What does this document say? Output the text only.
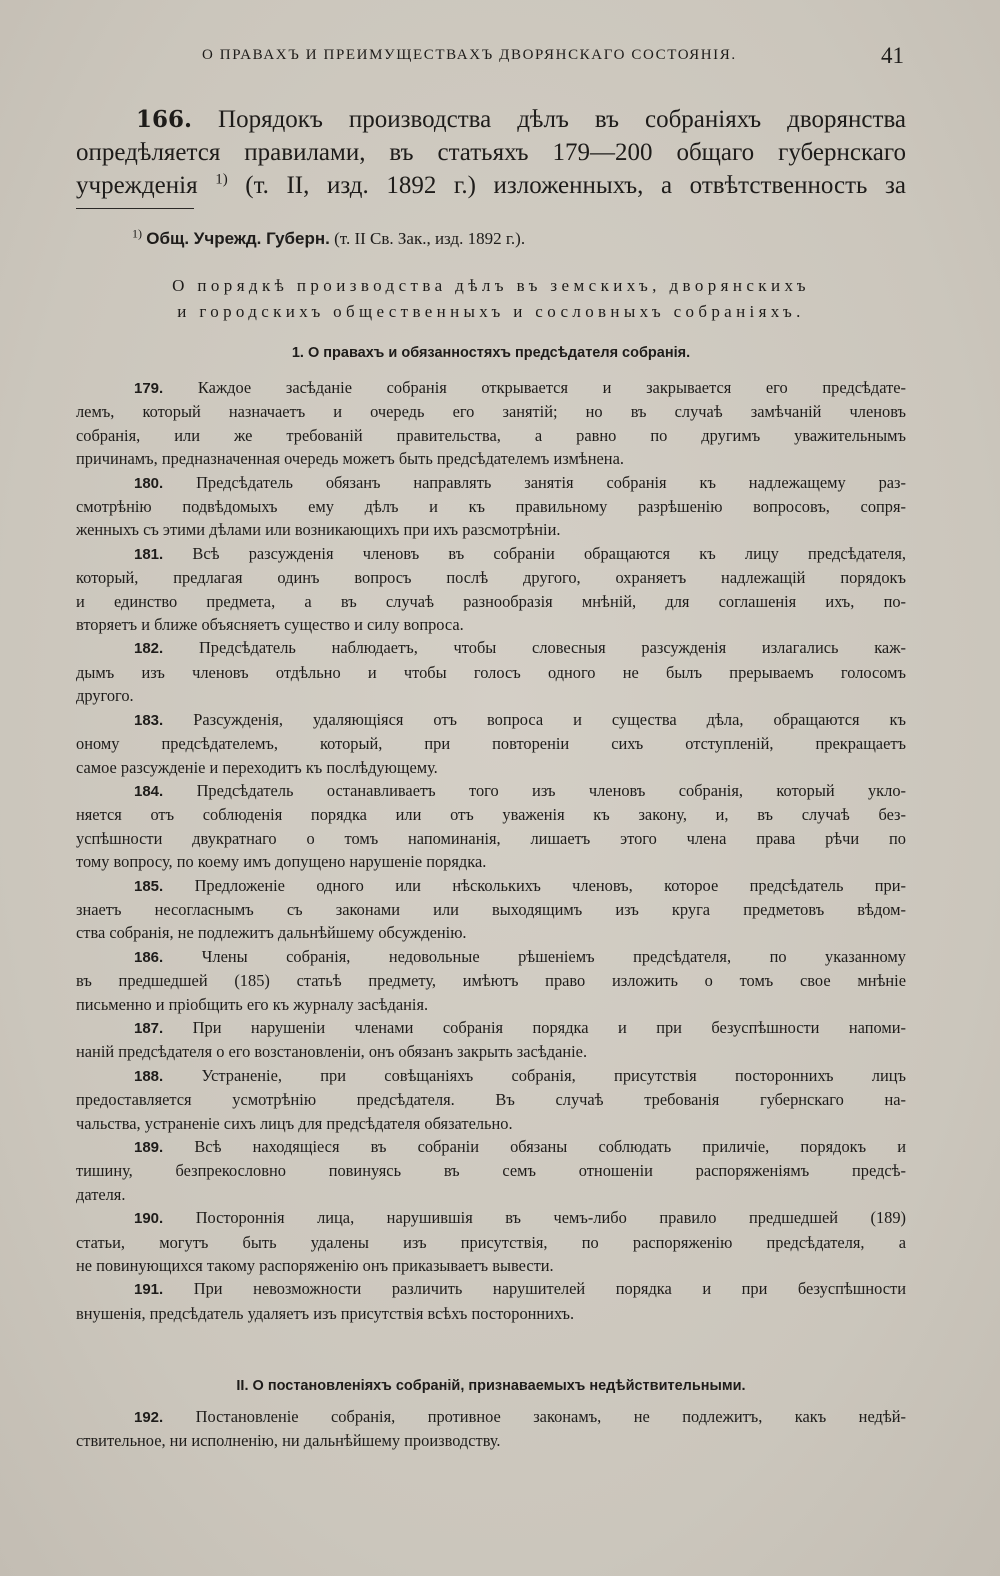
О ПРАВАХЪ И ПРЕИМУЩЕСТВАХЪ ДВОРЯНСКАГО СОСТОЯНІЯ.	41
166. Порядокъ производства дѣлъ въ собраніяхъ дворянства
опредѣляется правилами, въ статьяхъ 179—200 общаго губернскаго
учрежденія $^{1)}$ (т. II, изд. 1892 г.) изложенныхъ, а отвѣтственность за
$^{1)}$ Общ. Учрежд. Губерн. (т. II Св. Зак., изд. 1892 г.).
О порядкѣ производства дѣлъ въ земскихъ, дворянскихъ
и городскихъ общественныхъ и сословныхъ собраніяхъ.
1. О правахъ и обязанностяхъ предсѣдателя собранія.
179. Каждое засѣданіе собранія открывается и закрывается его предсѣдате-
лемъ, который назначаетъ и очередь его занятій; но въ случаѣ замѣчаній членовъ
собранія, или же требованій правительства, а равно по другимъ уважительнымъ
причинамъ, предназначенная очередь можетъ быть предсѣдателемъ измѣнена.
180. Предсѣдатель обязанъ направлять занятія собранія къ надлежащему раз-
смотрѣнію подвѣдомыхъ ему дѣлъ и къ правильному разрѣшенію вопросовъ, сопря-
женныхъ съ этими дѣлами или возникающихъ при ихъ разсмотрѣніи.
181. Всѣ разсужденія членовъ въ собраніи обращаются къ лицу предсѣдателя,
который, предлагая одинъ вопросъ послѣ другого, охраняетъ надлежащій порядокъ
и единство предмета, а въ случаѣ разнообразія мнѣній, для соглашенія ихъ, по-
вторяетъ и ближе объясняетъ существо и силу вопроса.
182. Предсѣдатель наблюдаетъ, чтобы словесныя разсужденія излагались каж-
дымъ изъ членовъ отдѣльно и чтобы голосъ одного не былъ прерываемъ голосомъ
другого.
183. Разсужденія, удаляющіяся отъ вопроса и существа дѣла, обращаются къ
оному предсѣдателемъ, который, при повтореніи сихъ отступленій, прекращаетъ
самое разсужденіе и переходитъ къ послѣдующему.
184. Предсѣдатель останавливаетъ того изъ членовъ собранія, который укло-
няется отъ соблюденія порядка или отъ уваженія къ закону, и, въ случаѣ без-
успѣшности двукратнаго о томъ напоминанія, лишаетъ этого члена права рѣчи по
тому вопросу, по коему имъ допущено нарушеніе порядка.
185. Предложеніе одного или нѣсколькихъ членовъ, которое предсѣдатель при-
знаетъ несогласнымъ съ законами или выходящимъ изъ круга предметовъ вѣдом-
ства собранія, не подлежитъ дальнѣйшему обсужденію.
186. Члены собранія, недовольные рѣшеніемъ предсѣдателя, по указанному
въ предшедшей (185) статьѣ предмету, имѣютъ право изложить о томъ свое мнѣніе
письменно и пріобщить его къ журналу засѣданія.
187. При нарушеніи членами собранія порядка и при безуспѣшности напоми-
наній предсѣдателя о его возстановленіи, онъ обязанъ закрыть засѣданіе.
188. Устраненіе, при совѣщаніяхъ собранія, присутствія постороннихъ лицъ
предоставляется усмотрѣнію предсѣдателя. Въ случаѣ требованія губернскаго на-
чальства, устраненіе сихъ лицъ для предсѣдателя обязательно.
189. Всѣ находящіеся въ собраніи обязаны соблюдать приличіе, порядокъ и
тишину, безпрекословно повинуясь въ семъ отношеніи распоряженіямъ предсѣ-
дателя.
190. Постороннія лица, нарушившія въ чемъ-либо правило предшедшей (189)
статьи, могутъ быть удалены изъ присутствія, по распоряженію предсѣдателя, а
не повинующихся такому распоряженію онъ приказываетъ вывести.
191. При невозможности различить нарушителей порядка и при безуспѣшности
внушенія, предсѣдатель удаляетъ изъ присутствія всѣхъ постороннихъ.
II. О постановленіяхъ собраній, признаваемыхъ недѣйствительными.
192. Постановленіе собранія, противное законамъ, не подлежитъ, какъ недѣй-
ствительное, ни исполненію, ни дальнѣйшему производству.
